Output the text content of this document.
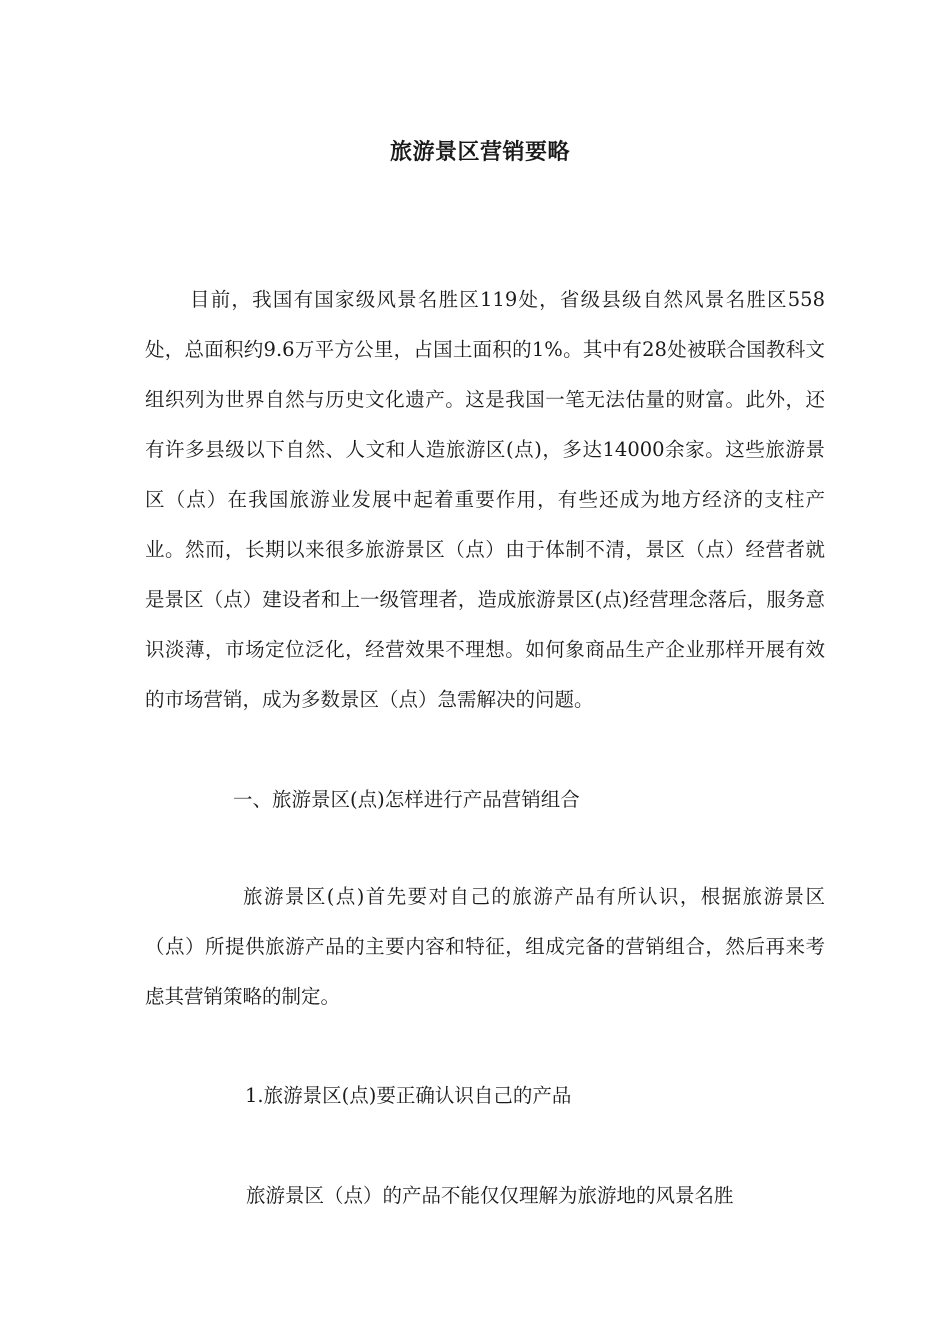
旅游景区营销要略
目前，我国有国家级风景名胜区119处，省级县级自然风景名胜区558处，总面积约9.6万平方公里，占国土面积的1%。其中有28处被联合国教科文组织列为世界自然与历史文化遗产。这是我国一笔无法估量的财富。此外，还有许多县级以下自然、人文和人造旅游区(点)，多达14000余家。这些旅游景区（点）在我国旅游业发展中起着重要作用，有些还成为地方经济的支柱产业。然而，长期以来很多旅游景区（点）由于体制不清，景区（点）经营者就是景区（点）建设者和上一级管理者，造成旅游景区(点)经营理念落后，服务意识淡薄，市场定位泛化，经营效果不理想。如何象商品生产企业那样开展有效的市场营销，成为多数景区（点）急需解决的问题。
一、旅游景区(点)怎样进行产品营销组合
旅游景区(点)首先要对自己的旅游产品有所认识，根据旅游景区（点）所提供旅游产品的主要内容和特征，组成完备的营销组合，然后再来考虑其营销策略的制定。
1.旅游景区(点)要正确认识自己的产品
旅游景区（点）的产品不能仅仅理解为旅游地的风景名胜
